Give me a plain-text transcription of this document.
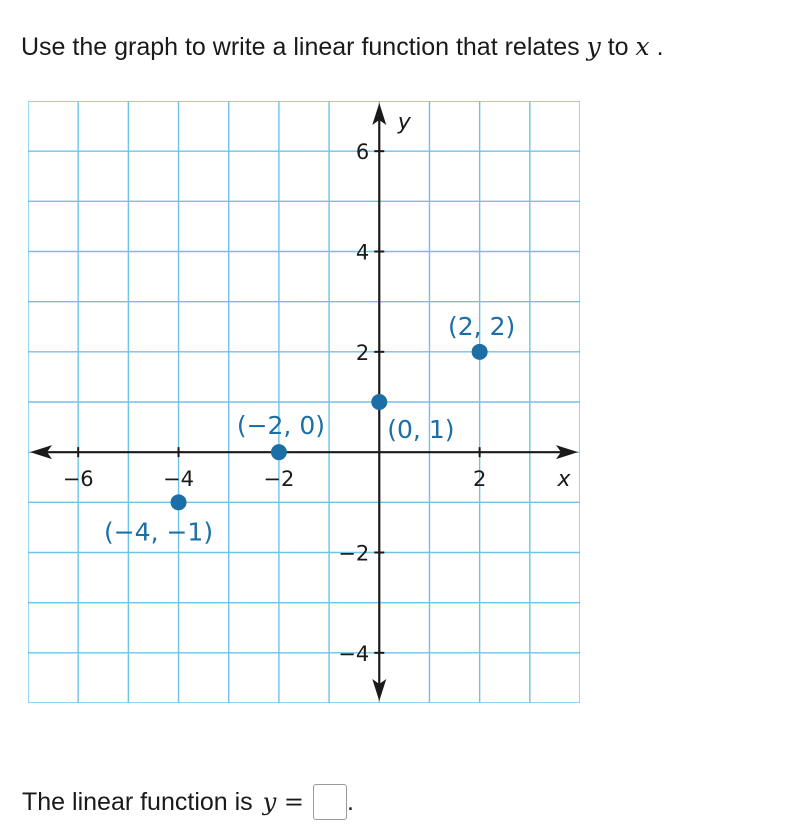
Use the graph to write a linear function that relates y to x .
x
y
−6	−4	−2	2
6
4
2
−2
−4
(−4, −1)
(−2, 0) (0, 1)
(2, 2)
The linear function is y = .
